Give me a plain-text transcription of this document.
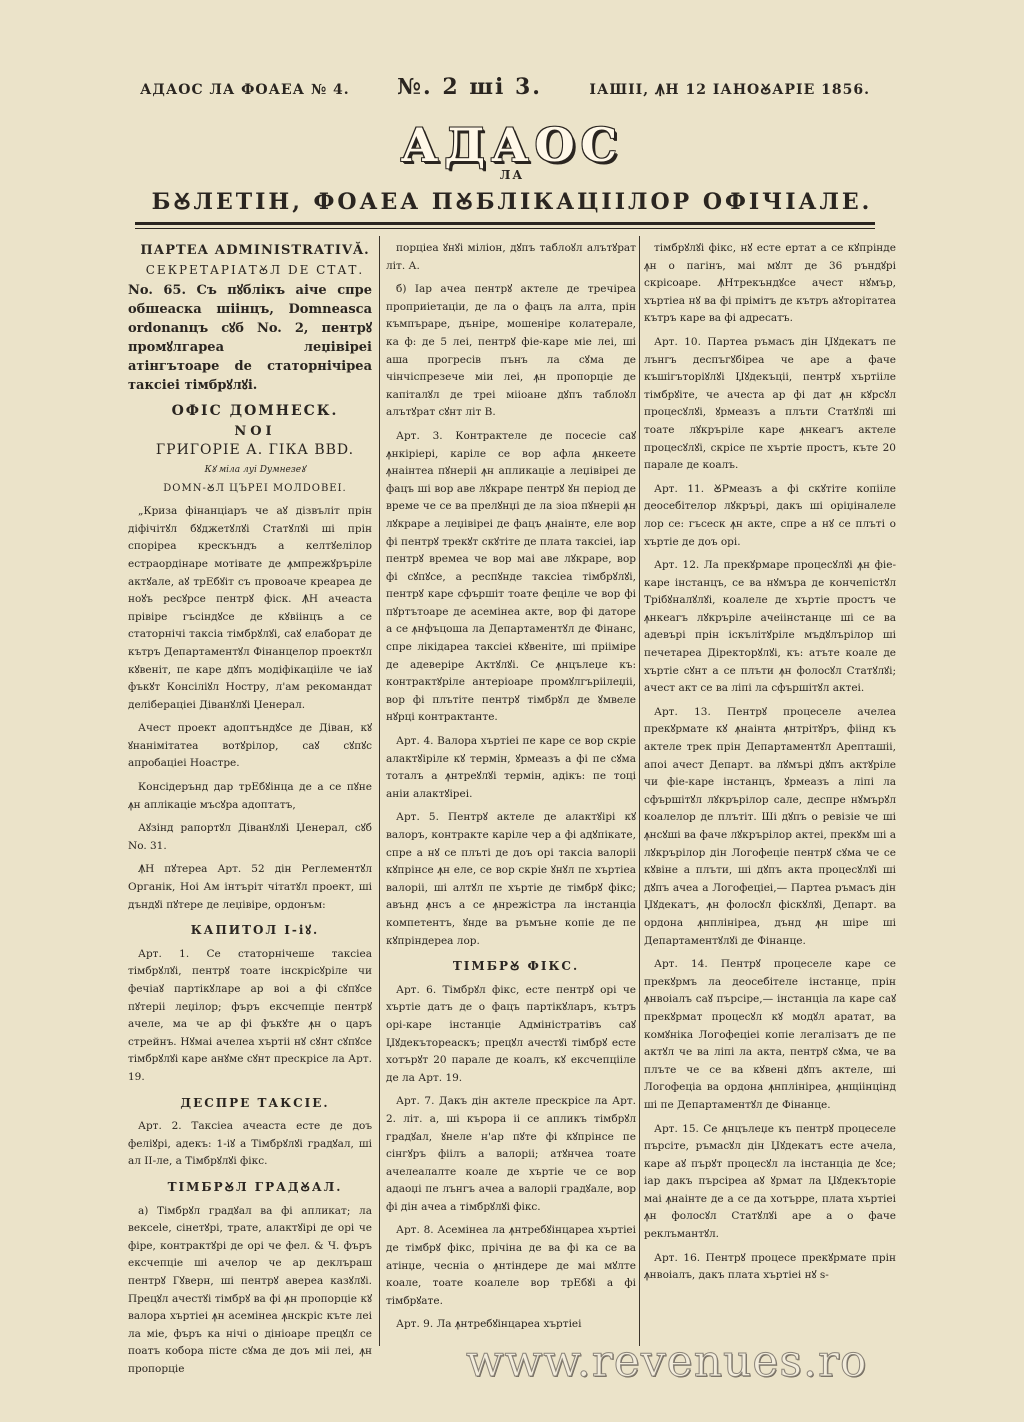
АДАОС ЛА ФОАЕА № 4. №. 2 шi 3.	IАШII, ꙞН 12 IАНОꙊАРIЕ 1856.
АДАОС
ЛА
БꙊЛЕТIН, ФОАЕА ПꙊБЛIКАЦIIЛОР ОФIЧIАЛЕ.

ПАРТЕА АDMINISTRATIVĂ.

СЕКРЕТАРIАТꙊЛ DЕ СТАТ.

No. 65. Съ пꙋблiкъ аiче спре обшеаска шiiнцъ, Domneasca ordonanцъ сꙋб No. 2, пентрꙋ промꙋлгареа леџiвiреi атiнгътоаре de статорнiчiреа таксiеi тiмбрꙋлꙋi.

ОФIС ДОМНЕСК.

NOI

ГРИГОРIЕ А. ГIКА ВВD.

Кꙋ мiла луi Dумнезеꙋ

DOMN-ꙊЛ ЦЪРЕI МОЛDОВЕI.

„Криза фiнанцiаръ че аꙋ дiзвълiт прiн дiфiчiтꙋл бꙋджетꙋлꙋi Статꙋлꙋi шi прiн спорiреа крескъндъ а келтꙋелiлор естраордiнаре мотiвате де ꙟмпрежꙋрърiле актꙋале, аꙋ трEбꙋiт съ провоаче креареа де ноꙋъ ресꙋрсе пентрꙋ фiск. ꙞН ачеаста прiвiре гъсiндꙋсе де кꙋвiiнцъ а се статорнiчi таксiа тiмбрꙋлꙋi, саꙋ елаборат де кътръ Департаментꙋл Фiнанцелор проектꙋл кꙋвенiт, пе каре дꙋпъ модiфiкацiiле че iаꙋ фъкꙋт Консiлiꙋл Ностру, л'ам рекомандат делiберацiеi Дiванꙋлꙋi Џенерал.

Ачест проект адоптъндꙋсе де Дiван, кꙋ ꙋнанiмiтатеа вотꙋрiлор, саꙋ сꙋпꙋс апробацiеi Ноастре.

Консiдерънд дар трEбꙋiнца де а се пꙋне ꙟн аплiкацiе мъсꙋра адоптатъ,

Аꙋзiнд рапортꙋл Дiванꙋлꙋi Џенерал, сꙋб No. 31.

ꙞН пꙋтереа Арт. 52 дiн Реглементꙋл Органiк, Ноi Ам iнтърiт чiтатꙋл проект, шi дъндꙋi пꙋтере де леџiвiре, ордонъм:

КАПИТОЛ I-iꙋ.

Арт. 1. Се статорнiчеше таксiеа тiмбрꙋлꙋi, пентрꙋ тоате iнскрiсꙋрiле чи фечiаꙋ партiкꙋларе ар воi а фi сꙋпꙋсе пꙋтерii леџiлор; фъръ ексчепцiе пентрꙋ ачеле, ма че ар фi фъкꙋте ꙟн о царъ стрейнъ. Нꙋмаi ачелеа хъртii нꙋ сꙋнт сꙋпꙋсе тiмбрꙋлꙋi каре анꙋме сꙋнт прескрiсе ла Арт. 19.

ДЕСПРЕ ТАКСIЕ.

Арт. 2. Таксiеа ачеаста есте де доъ фелiꙋрi, адекъ: 1-iꙋ а Тiмбрꙋлꙋi градꙋал, шi ал II-ле, а Тiмбрꙋлꙋi фiкс.

ТIМБРꙊЛ ГРАДꙊАЛ.

а) Тiмбрꙋл градꙋал ва фi апликат; ла вексele, сiнетꙋрi, трате, алактꙋiрi де орi че фiре, контрактꙋрi де орi че фел. & Ч. фъръ ексчепцiе шi ачелор че ар деклъраш пентрꙋ Гꙋверн, шi пентрꙋ авереа казꙋлꙋi. Прецꙋл ачестꙋi тiмбрꙋ ва фi ꙟн пропорцiе кꙋ валора хъртiеi ꙟн асемiнеа ꙟнскрiс кътe леi ла мiе, фъръ ка нiчi о дiнiоаре прецꙋл се поатъ кобора пiсте сꙋма де доъ мii леi, ꙟн пропорцiе

порцiеа ꙋнꙋi мiлiон, дꙋпъ таблоꙋл алътꙋрат лiт. А.

б) Iар ачеа пентрꙋ актеле де тречiреа проприiетацiи, де ла о фацъ ла алта, прiн къмпъраре, дънiре, мошенiре колатерале, ка ф: де 5 леi, пентрꙋ фiе-каре мiе леi, шi аша прогресiв пънъ ла сꙋма де чiнчiспрезече мiи леi, ꙟн пропорцiе де капiталꙋл де треi мiiоане дꙋпъ таблоꙋл алътꙋрат сꙋнт лiт В.

Арт. 3. Контрактеле де посесiе саꙋ ꙟнкiрiерi, карiле се вор афла ꙟнкеете ꙟнаiнтеа пꙋнерii ꙟн апликацiе а леџiвiреi де фацъ шi вор аве лꙋкраре пентрꙋ ꙋн перiод де време че се ва прелꙋнџi де ла зiоа пꙋнерii ꙟн лꙋкраре а леџiвiреi де фацъ ꙟнаiнте, еле вор фi пентрꙋ трекꙋт скꙋтiте де плата таксiеi, iар пентрꙋ времеа че вор маi аве лꙋкраре, вор фi сꙋпꙋсе, а респꙋнде таксiеа тiмбрꙋлꙋi, пентрꙋ каре сфършiт тоате фецiле че вор фi пꙋртътоаре де асемiнеа акте, вор фi даторе а се ꙟнфъцоша ла Департаментꙋл де Фiнанс, спре лiкiдареа таксiеi кꙋвенiте, шi прiiмiре де адеверiре Актꙋлꙋi. Се ꙟнцълеџе къ: контрактꙋрiле антерiоаре промꙋлгърiiлеџii, вор фi плътiте пентрꙋ тiмбрꙋл де ꙋмвеле нꙋрцi контрактанте.

Арт. 4. Валора хъртiеi пе каре се вор скрiе алактꙋiрiле кꙋ термiн, ꙋрмеазъ а фi пе сꙋма тоталъ а ꙟнтреꙋлꙋi термiн, адiкъ: пе тоцi анiи алактꙋiреi.

Арт. 5. Пентрꙋ актеле де алактꙋiрi кꙋ валоръ, контракте карiле чер а фi адꙋпiкате, спре а нꙋ се плътi де доъ орi таксiа валорii кꙋпрiнсе ꙟн еле, се вор скрiе ꙋнꙋл пе хъртiеа валорii, шi алтꙋл пе хъртiе де тiмбрꙋ фiкс; авънд ꙟнсъ а се ꙟнрежiстра ла iнстанцiа компетентъ, ꙋнде ва ръмъне копiе де пе кꙋпрiндереа лор.

ТIМБРꙊ ФIКС.

Арт. 6. Тiмбрꙋл фiкс, есте пентрꙋ орi че хъртiе датъ де о фацъ партiкꙋларъ, кътръ орi-каре iнстанцiе Адмiнiстратiвъ саꙋ Џꙋдекътореаскъ; прецꙋл ачестꙋi тiмбрꙋ есте хотърꙋт 20 парале де коалъ, кꙋ ексчепцiiле де ла Арт. 19.

Арт. 7. Дакъ дiн актеле прескрiсе ла Арт. 2. лiт. а, шi кърора ii се апликъ тiмбрꙋл градꙋал, ꙋнеле н'ар пꙋте фi кꙋпрiнсе пе сiнгꙋръ фiiлъ а валорii; атꙋнчеа тоате ачелеалалте коале де хъртiе че се вор адаоџi пе лънгъ ачеа а валорii градꙋале, вор фi дiн ачеа а тiмбрꙋлꙋi фiкс.

Арт. 8. Асемiнеа ла ꙟнтребꙋiнцареа хъртiеi де тiмбрꙋ фiкс, прiчiна де ва фi ка се ва атiнџе, чеснiа о ꙟнтiндере де маi мꙋлте коале, тоате коалеле вор трEбꙋi а фi тiмбрꙋате.

Арт. 9. Ла ꙟнтребꙋiнцареа хъртiеi

тiмбрꙋлꙋi фiкс, нꙋ есте ертат а се кꙋпрiнде ꙟн о пагiнъ, маi мꙋлт де 36 ръндꙋрi скрiсоаре. ꙞНтрекъндꙋсе ачест нꙋмър, хъртiеа нꙋ ва фi прiмiтъ де кътръ аꙋторiтатеа кътръ каре ва фi адресатъ.

Арт. 10. Партеа ръмасъ дiн Џꙋдекатъ пе лънгъ деспъгꙋбiреа че аре а фаче къшiгъторiꙋлꙋi Џꙋдекъцii, пентрꙋ хъртiiле тiмбрꙋiте, че ачеста ар фi дат ꙟн кꙋрсꙋл процесꙋлꙋi, ꙋрмеазъ а плъти Статꙋлꙋi шi тоате лꙋкрърiле каре ꙟнкеагъ актеле процесꙋлꙋi, скрiсе пе хъртiе простъ, кътe 20 парале де коалъ.

Арт. 11. ꙊРмеазъ а фi скꙋтiте копiiле деосебiтелор лꙋкрърi, дакъ шi орiџiналеле лор се: гъсеск ꙟн акте, спре а нꙋ се плътi о хъртiе де доъ орi.

Арт. 12. Ла прекꙋрмаре процесꙋлꙋi ꙟн фiе-каре iнстанцъ, се ва нꙋмъра де кончепiстꙋл Трiбꙋналꙋлꙋi, коалеле де хъртiе простъ че ꙟнкеагъ лꙋкрърiле ачеiiнстанце шi се ва адевърi прiн iскълiтꙋрiле мъдꙋлърiлор шi печетареа Дiректорꙋлꙋi, къ: атъте коале де хъртiе сꙋнт а се плъти ꙟн фолосꙋл Статꙋлꙋi; ачест акт се ва лiпi ла сфършiтꙋл актеi.

Арт. 13. Пентрꙋ процеселе ачелеа прекꙋрмате кꙋ ꙟнаiнта ꙟнтрiтꙋръ, фiiнд къ актеле трек прiн Департаментꙋл Арепташii, апоi ачест Департ. ва лꙋмърi дꙋпъ актꙋрiле чи фiе-каре iнстанцъ, ꙋрмеазъ а лiпi ла сфършiтꙋл лꙋкрърiлор сале, деспре нꙋмърꙋл коалелор де плътiт. Шi дꙋпъ о ревiзiе че шi ꙟнсꙋшi ва фаче лꙋкрърiлор актеi, прекꙋм шi а лꙋкрърiлор дiн Логофецiе пентрꙋ сꙋма че се кꙋвiне а плъти, шi дꙋпъ акта процесꙋлꙋi шi дꙋпъ ачеа а Логофецiеi,— Партеа ръмасъ дiн Џꙋдекатъ, ꙟн фолосꙋл фiскꙋлꙋi, Департ. ва ордона ꙟнплiнiреа, дънд ꙟн шiре шi Департаментꙋлꙋi де Фiнанце.

Арт. 14. Пентрꙋ процеселе каре се прекꙋрмъ ла деосебiтеле iнстанце, прiн ꙟнвоiалъ саꙋ пърсiре,— iнстанцiа ла каре саꙋ прекꙋрмат процесꙋл кꙋ модꙋл аратат, ва комꙋнiка Логофецiеi копiе легалiзатъ де пе актꙋл че ва лiпi ла акта, пентрꙋ сꙋма, че ва плъте че се ва кꙋвенi дꙋпъ актеле, шi Логофецiа ва ордона ꙟнплiнiреа, ꙟнщiiнцiнд шi пе Департаментꙋл де Фiнанце.

Арт. 15. Се ꙟнцълеџе къ пентрꙋ процеселе пърсiте, ръмасꙋл дiн Џꙋдекатъ есте ачела, каре аꙋ пърꙋт процесꙋл ла iнстанцiа де ꙋсе; iар дакъ пърсiреа аꙋ ꙋрмат ла Џꙋдекъторiе маi ꙟнаiнте де а се да хотърре, плата хъртiеi ꙟн фолосꙋл Статꙋлꙋi аре а о фаче реклъмантꙋл.

Арт. 16. Пентрꙋ процесе прекꙋрмате прiн ꙟнвоiалъ, дакъ плата хъртiеi нꙋ s-

www.revenues.ro
